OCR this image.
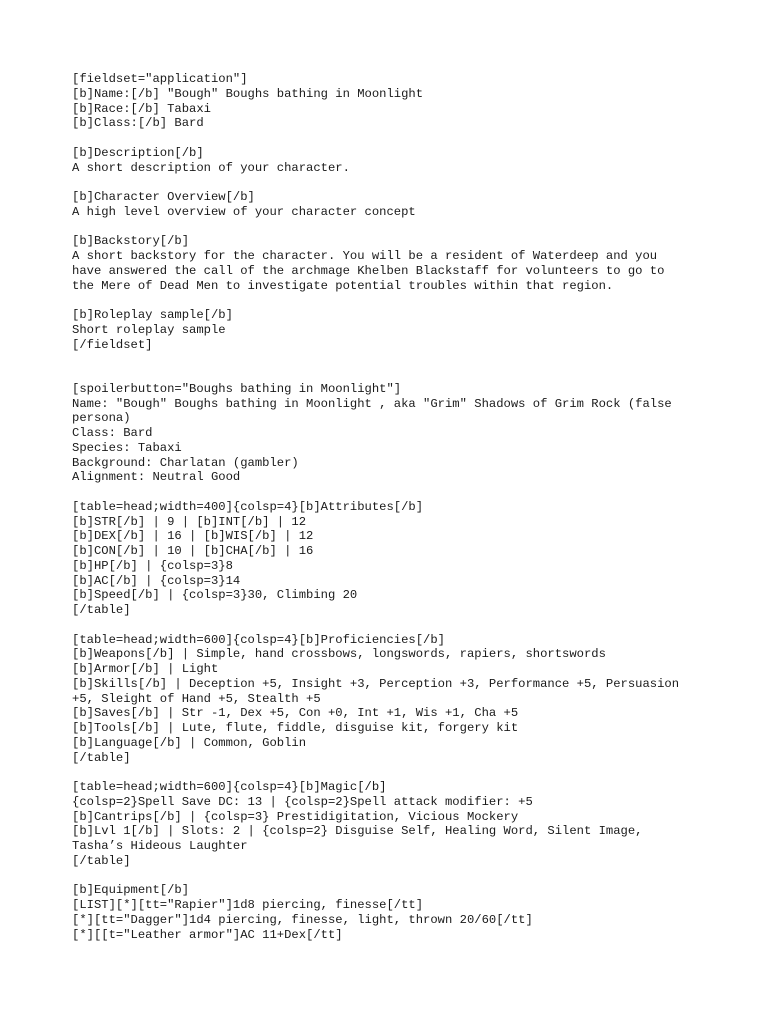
[fieldset="application"]
[b]Name:[/b] "Bough" Boughs bathing in Moonlight
[b]Race:[/b] Tabaxi
[b]Class:[/b] Bard
[b]Description[/b]
A short description of your character.
[b]Character Overview[/b]
A high level overview of your character concept
[b]Backstory[/b]
A short backstory for the character. You will be a resident of Waterdeep and you
have answered the call of the archmage Khelben Blackstaff for volunteers to go to
the Mere of Dead Men to investigate potential troubles within that region.
[b]Roleplay sample[/b]
Short roleplay sample
[/fieldset]
[spoilerbutton="Boughs bathing in Moonlight"]
Name: "Bough" Boughs bathing in Moonlight , aka "Grim" Shadows of Grim Rock (false
persona)
Class: Bard
Species: Tabaxi
Background: Charlatan (gambler)
Alignment: Neutral Good
[table=head;width=400]{colsp=4}[b]Attributes[/b]
[b]STR[/b] | 9 | [b]INT[/b] | 12
[b]DEX[/b] | 16 | [b]WIS[/b] | 12
[b]CON[/b] | 10 | [b]CHA[/b] | 16
[b]HP[/b] | {colsp=3}8
[b]AC[/b] | {colsp=3}14
[b]Speed[/b] | {colsp=3}30, Climbing 20
[/table]
[table=head;width=600]{colsp=4}[b]Proficiencies[/b]
[b]Weapons[/b] | Simple, hand crossbows, longswords, rapiers, shortswords
[b]Armor[/b] | Light
[b]Skills[/b] | Deception +5, Insight +3, Perception +3, Performance +5, Persuasion
+5, Sleight of Hand +5, Stealth +5
[b]Saves[/b] | Str -1, Dex +5, Con +0, Int +1, Wis +1, Cha +5
[b]Tools[/b] | Lute, flute, fiddle, disguise kit, forgery kit
[b]Language[/b] | Common, Goblin
[/table]
[table=head;width=600]{colsp=4}[b]Magic[/b]
{colsp=2}Spell Save DC: 13 | {colsp=2}Spell attack modifier: +5
[b]Cantrips[/b] | {colsp=3} Prestidigitation, Vicious Mockery
[b]Lvl 1[/b] | Slots: 2 | {colsp=2} Disguise Self, Healing Word, Silent Image,
Tasha’s Hideous Laughter
[/table]
[b]Equipment[/b]
[LIST][*][tt="Rapier"]1d8 piercing, finesse[/tt]
[*][tt="Dagger"]1d4 piercing, finesse, light, thrown 20/60[/tt]
[*][[t="Leather armor"]AC 11+Dex[/tt]
